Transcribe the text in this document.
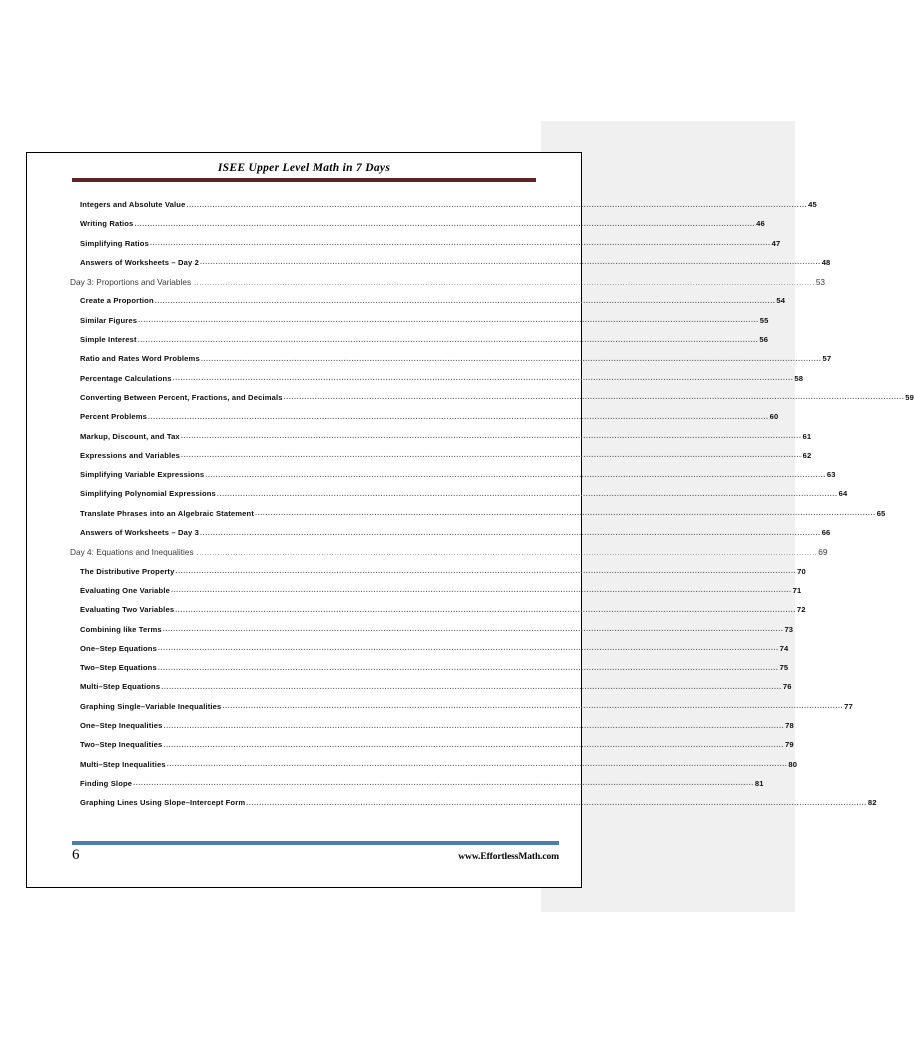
ISEE Upper Level Math in 7 Days
Integers and Absolute Value ............................................................................................................................................................................................................................................... 45
Writing Ratios ............................................................................................................................................................................................................................................... 46
Simplifying Ratios ............................................................................................................................................................................................................................................... 47
Answers of Worksheets – Day 2 ............................................................................................................................................................................................................................................... 48
Day 3: Proportions and Variables ............................................................................................................................................................................................................................................... 53
Create a Proportion ............................................................................................................................................................................................................................................... 54
Similar Figures ............................................................................................................................................................................................................................................... 55
Simple Interest ............................................................................................................................................................................................................................................... 56
Ratio and Rates Word Problems ............................................................................................................................................................................................................................................... 57
Percentage Calculations ............................................................................................................................................................................................................................................... 58
Converting Between Percent, Fractions, and Decimals ............................................................................................................................................................................................................................................... 59
Percent Problems ............................................................................................................................................................................................................................................... 60
Markup, Discount, and Tax ............................................................................................................................................................................................................................................... 61
Expressions and Variables ............................................................................................................................................................................................................................................... 62
Simplifying Variable Expressions ............................................................................................................................................................................................................................................... 63
Simplifying Polynomial Expressions ............................................................................................................................................................................................................................................... 64
Translate Phrases into an Algebraic Statement ............................................................................................................................................................................................................................................... 65
Answers of Worksheets – Day 3 ............................................................................................................................................................................................................................................... 66
Day 4: Equations and Inequalities ............................................................................................................................................................................................................................................... 69
The Distributive Property ............................................................................................................................................................................................................................................... 70
Evaluating One Variable ............................................................................................................................................................................................................................................... 71
Evaluating Two Variables ............................................................................................................................................................................................................................................... 72
Combining like Terms ............................................................................................................................................................................................................................................... 73
One–Step Equations ............................................................................................................................................................................................................................................... 74
Two–Step Equations ............................................................................................................................................................................................................................................... 75
Multi–Step Equations ............................................................................................................................................................................................................................................... 76
Graphing Single–Variable Inequalities ............................................................................................................................................................................................................................................... 77
One–Step Inequalities ............................................................................................................................................................................................................................................... 78
Two–Step Inequalities ............................................................................................................................................................................................................................................... 79
Multi–Step Inequalities ............................................................................................................................................................................................................................................... 80
Finding Slope ............................................................................................................................................................................................................................................... 81
Graphing Lines Using Slope–Intercept Form ............................................................................................................................................................................................................................................... 82
6	www.EffortlessMath.com
